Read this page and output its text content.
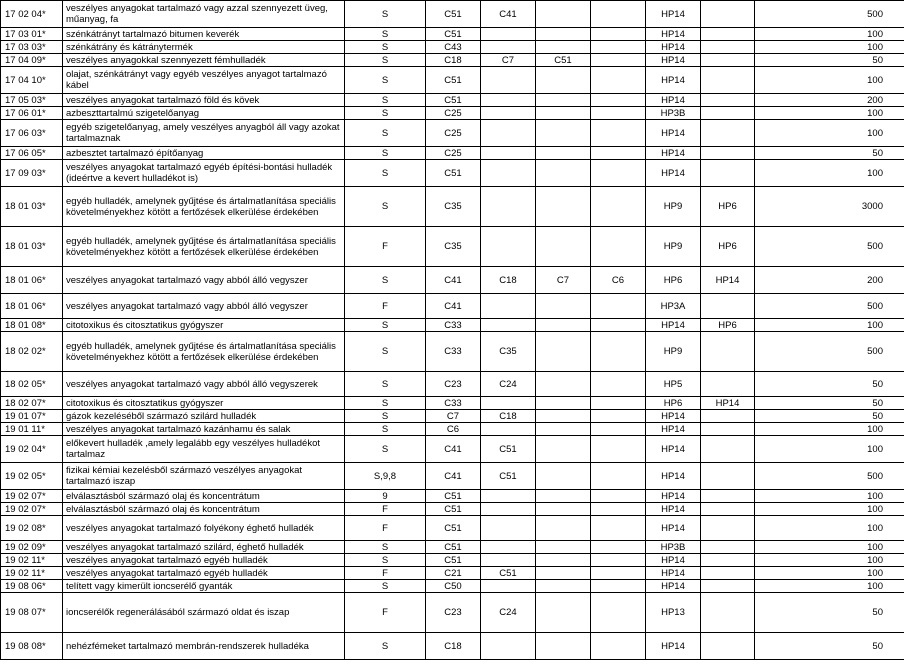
17 02 04*	veszélyes anyagokat tartalmazó vagy azzal szennyezett üveg, műanyag, fa	S	C51	C41			HP14		500
17 03 01*	szénkátrányt tartalmazó bitumen keverék	S	C51				HP14		100
17 03 03*	szénkátrány és kátránytermék	S	C43				HP14		100
17 04 09*	veszélyes anyagokkal szennyezett fémhulladék	S	C18	C7	C51		HP14		50
17 04 10*	olajat, szénkátrányt vagy egyéb veszélyes anyagot tartalmazó kábel	S	C51				HP14		100
17 05 03*	veszélyes anyagokat tartalmazó föld és kövek	S	C51				HP14		200
17 06 01*	azbeszttartalmú szigetelőanyag	S	C25				HP3B		100
17 06 03*	egyéb szigetelőanyag, amely veszélyes anyagból áll vagy azokat tartalmaznak	S	C25				HP14		100
17 06 05*	azbesztet tartalmazó építőanyag	S	C25				HP14		50
17 09 03*	veszélyes anyagokat tartalmazó egyéb építési-bontási hulladék (ideértve a kevert hulladékot is)	S	C51				HP14		100
18 01 03*	egyéb hulladék, amelynek gyűjtése és ártalmatlanítása speciális követelményekhez kötött a fertőzések elkerülése érdekében	S	C35				HP9	HP6	3000
18 01 03*	egyéb hulladék, amelynek gyűjtése és ártalmatlanítása speciális követelményekhez kötött a fertőzések elkerülése érdekében	F	C35				HP9	HP6	500
18 01 06*	veszélyes anyagokat tartalmazó vagy abból álló vegyszer	S	C41	C18	C7	C6	HP6	HP14	200
18 01 06*	veszélyes anyagokat tartalmazó vagy abból álló vegyszer	F	C41				HP3A		500
18 01 08*	citotoxikus és citosztatikus gyógyszer	S	C33				HP14	HP6	100
18 02 02*	egyéb hulladék, amelynek gyűjtése és ártalmatlanítása speciális követelményekhez kötött a fertőzések elkerülése érdekében	S	C33	C35			HP9		500
18 02 05*	veszélyes anyagokat tartalmazó vagy abból álló vegyszerek	S	C23	C24			HP5		50
18 02 07*	citotoxikus és citosztatikus gyógyszer	S	C33				HP6	HP14	50
19 01 07*	gázok kezeléséből származó szilárd hulladék	S	C7	C18			HP14		50
19 01 11*	veszélyes anyagokat tartalmazó kazánhamu és salak	S	C6				HP14		100
19 02 04*	előkevert hulladék ,amely legalább egy veszélyes hulladékot tartalmaz	S	C41	C51			HP14		100
19 02 05*	fizikai kémiai kezelésből származó veszélyes anyagokat tartalmazó iszap	S,9,8	C41	C51			HP14		500
19 02 07*	elválasztásból származó olaj és koncentrátum	9	C51				HP14		100
19 02 07*	elválasztásból származó olaj és koncentrátum	F	C51				HP14		100
19 02 08*	veszélyes anyagokat tartalmazó folyékony éghető hulladék	F	C51				HP14		100
19 02 09*	veszélyes anyagokat tartalmazó szilárd, éghető hulladék	S	C51				HP3B		100
19 02 11*	veszélyes anyagokat tartalmazó egyéb hulladék	S	C51				HP14		100
19 02 11*	veszélyes anyagokat tartalmazó egyéb hulladék	F	C21	C51			HP14		100
19 08 06*	telített vagy kimerült ioncserélő gyanták	S	C50				HP14		100
19 08 07*	ioncserélők regenerálásából származó oldat és iszap	F	C23	C24			HP13		50
19 08 08*	nehézfémeket tartalmazó membrán-rendszerek hulladéka	S	C18				HP14		50
